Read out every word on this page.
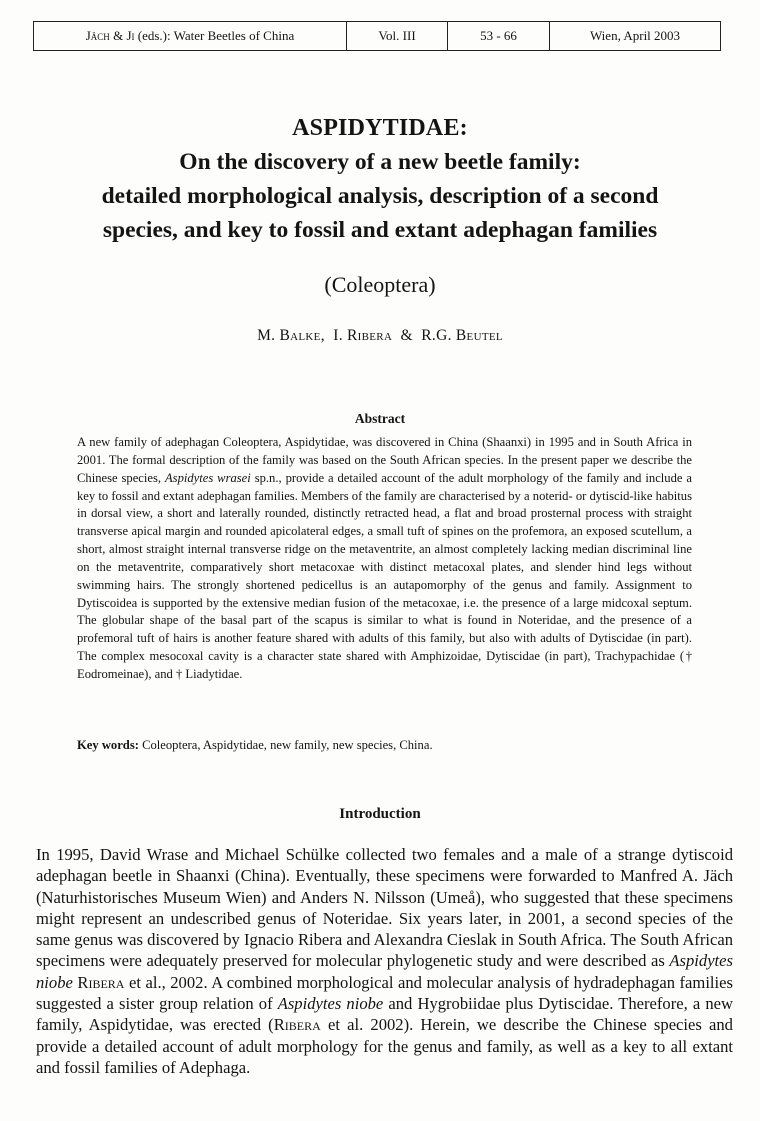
Jäch
&
Ji
(eds.): Water Beetles of China	Vol. III	53 - 66	Wien, April 2003
ASPIDYTIDAE:
On the discovery of a new beetle family:
detailed morphological analysis, description of a second
species, and key to fossil and extant adephagan families
(Coleoptera)
M. Balke, I. Ribera & R.G. Beutel
Abstract
A new family of adephagan Coleoptera, Aspidytidae, was discovered in China (Shaanxi) in 1995 and in South Africa in 2001. The formal description of the family was based on the South African species. In the present paper we describe the Chinese species, Aspidytes wrasei sp.n., provide a detailed account of the adult morphology of the family and include a key to fossil and extant adephagan families. Members of the family are characterised by a noterid- or dytiscid-like habitus in dorsal view, a short and laterally rounded, distinctly retracted head, a flat and broad prosternal process with straight transverse apical margin and rounded apicolateral edges, a small tuft of spines on the profemora, an exposed scutellum, a short, almost straight internal transverse ridge on the metaventrite, an almost completely lacking median discriminal line on the metaventrite, comparatively short metacoxae with distinct metacoxal plates, and slender hind legs without swimming hairs. The strongly shortened pedicellus is an autapomorphy of the genus and family. Assignment to Dytiscoidea is supported by the extensive median fusion of the metacoxae, i.e. the presence of a large midcoxal septum. The globular shape of the basal part of the scapus is similar to what is found in Noteridae, and the presence of a profemoral tuft of hairs is another feature shared with adults of this family, but also with adults of Dytiscidae (in part). The complex mesocoxal cavity is a character state shared with Amphizoidae, Dytiscidae (in part), Trachypachidae († Eodromeinae), and † Liadytidae.
Key words: Coleoptera, Aspidytidae, new family, new species, China.
Introduction

In 1995, David Wrase and Michael Schülke collected two females and a male of a strange dytiscoid adephagan beetle in Shaanxi (China). Eventually, these specimens were forwarded to Manfred A. Jäch (Naturhistorisches Museum Wien) and Anders N. Nilsson (Umeå), who suggested that these specimens might represent an undescribed genus of Noteridae. Six years later, in 2001, a second species of the same genus was discovered by Ignacio Ribera and Alexandra Cieslak in South Africa. The South African specimens were adequately preserved for molecular phylogenetic study and were described as Aspidytes niobe Ribera et al., 2002. A combined morphological and molecular analysis of hydradephagan families suggested a sister group relation of Aspidytes niobe and Hygrobiidae plus Dytiscidae. Therefore, a new family, Aspidytidae, was erected (Ribera et al. 2002). Herein, we describe the Chinese species and provide a detailed account of adult morphology for the genus and family, as well as a key to all extant and fossil families of Adephaga.
